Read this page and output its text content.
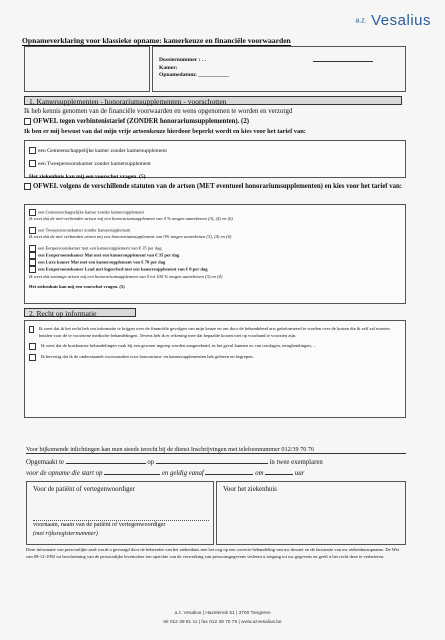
a.z. Vesalius
Opnameverklaring voor klassieke opname: kamerkeuze en financiële voorwaarden
Dossiernummer : . .
Kamer:
Opnamedatum: ___________
1. Kamersupplementen - honorariumsupplementen - voorschotten
Ik heb kennis genomen van de financiële voorwaarden en wens opgenomen te worden en verzorgd
OFWEL tegen verbintenistarief (ZONDER honorariumsupplementen). (2)
Ik ben er mij bewust van dat mijn vrije artsenkeuze hierdoor beperkt wordt en kies voor het tarief van:
een Gemeenschappelijke kamer zonder kamersupplement
een Tweepersoonskamer zonder kamersupplement
Het ziekenhuis kan mij een voorschot vragen. (5)
OFWEL volgens de verschillende statuten van de artsen (MET eventueel honorariumsupplementen) en kies voor het tarief van:
een Gemeenschappelijke kamer zonder kamersupplement
Ik weet dat de niet-verbonden artsen mij een honorariumsupplement van 0 % mogen aanrekenen (3), (4) en (6)
een Tweepersoonskamer zonder kamersupplement
Ik weet dat de niet verbonden artsen mij een honorariumsupplement van 0% mogen aanrekenen (3), (4) en (6)
een Eenpersoonskamer met een kamersupplement van € 35 per dag
een Eenpersoonskamer Mat met een kamersupplement van € 35 per dag
een Luxe kamer Mat met een kamersupplement van € 70 per dag
een Eenpersoonskamer Lead met logeerbed met een kamersupplement van € 0 per dag
Ik weet dat sommige artsen mij een honorariumsupplement van 0 tot 100 % mogen aanrekenen (3) en (4)
Het ziekenhuis kan mij een voorschot vragen. (5)
2. Recht op informatie
Ik weet dat ik het recht heb om informatie te krijgen over de financiële gevolgen van mijn keuze en om door de behandelend arts geïnformeerd te worden over de kosten die ik zelf zal moeten betalen voor de te voorziene medische behandelingen. Tevens heb ik er rekening mee dat bepaalde kosten niet op voorhand te voorzien zijn.
Ik weet dat de kostbaarste behandelingen vaak bij een gewone ingreep worden aangerekend, in het geval kunnen zo van toeslagen, terugbetalingen, ...
Ik bevestig dat ik de onderstaande voorwaarden voor honorarium- en kamersupplementen heb gelezen en begrepen.
Voor bijkomende inlichtingen kan men steeds terecht bij de dienst Inschrijvingen met telefoonnummer 012/39 70 76
Opgemaakt te	op	in twee exemplaren
voor de opname die start op	en geldig vanaf	om	uur
Voor de patiënt of vertegenwoordiger
voornaam, naam van de patiënt of vertegenwoordiger
(met rijksregisternummer)
Voor het ziekenhuis
Deze informatie van persoonlijke aard wordt u gevraagd door de beheerder van het ziekenhuis met het oog op een correcte behandeling van uw dossier en de facturatie van uw ziekenhuisopname. De Wet van 08-12-1992 tot bescherming van de persoonlijke levenssfeer ten opzichte van de verwerking van persoonsgegevens verleent u toegang tot uw gegevens en geeft u het recht deze te verbeteren.
a.z. Vesalius | Hazelereik 51 | 3700 Tongeren
tel 012 39 61 11 | fax 012 39 70 79 | www.azvesalius.be
